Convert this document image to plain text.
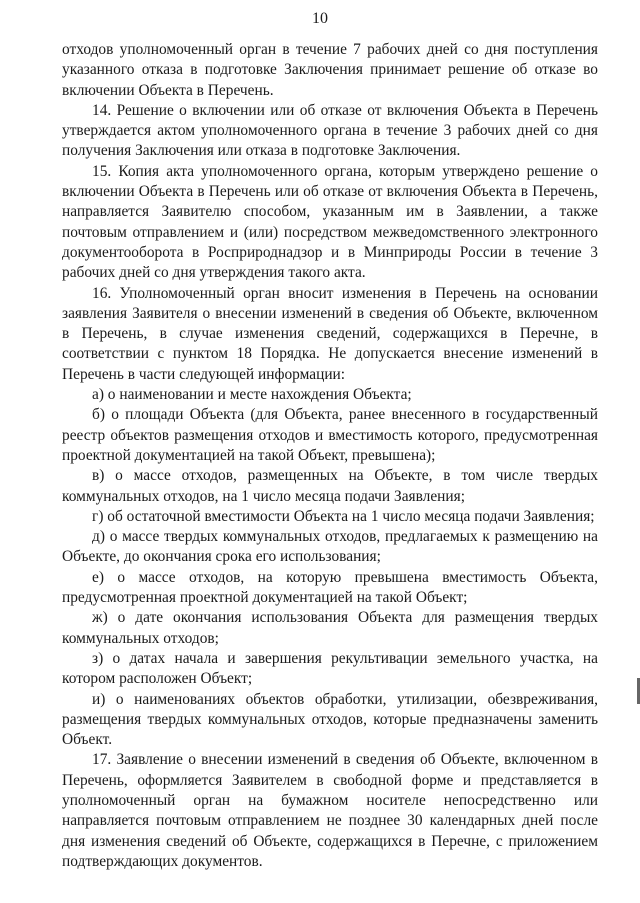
10

отходов уполномоченный орган в течение 7 рабочих дней со дня поступления указанного отказа в подготовке Заключения принимает решение об отказе во включении Объекта в Перечень.

14. Решение о включении или об отказе от включения Объекта в Перечень утверждается актом уполномоченного органа в течение 3 рабочих дней со дня получения Заключения или отказа в подготовке Заключения.

15. Копия акта уполномоченного органа, которым утверждено решение о включении Объекта в Перечень или об отказе от включения Объекта в Перечень, направляется Заявителю способом, указанным им в Заявлении, а также почтовым отправлением и (или) посредством межведомственного электронного документооборота в Росприроднадзор и в Минприроды России в течение 3 рабочих дней со дня утверждения такого акта.

16. Уполномоченный орган вносит изменения в Перечень на основании заявления Заявителя о внесении изменений в сведения об Объекте, включенном в Перечень, в случае изменения сведений, содержащихся в Перечне, в соответствии с пунктом 18 Порядка. Не допускается внесение изменений в Перечень в части следующей информации:

а) о наименовании и месте нахождения Объекта;

б) о площади Объекта (для Объекта, ранее внесенного в государственный реестр объектов размещения отходов и вместимость которого, предусмотренная проектной документацией на такой Объект, превышена);

в) о массе отходов, размещенных на Объекте, в том числе твердых коммунальных отходов, на 1 число месяца подачи Заявления;

г) об остаточной вместимости Объекта на 1 число месяца подачи Заявления;

д) о массе твердых коммунальных отходов, предлагаемых к размещению на Объекте, до окончания срока его использования;

е) о массе отходов, на которую превышена вместимость Объекта, предусмотренная проектной документацией на такой Объект;

ж) о дате окончания использования Объекта для размещения твердых коммунальных отходов;

з) о датах начала и завершения рекультивации земельного участка, на котором расположен Объект;

и) о наименованиях объектов обработки, утилизации, обезвреживания, размещения твердых коммунальных отходов, которые предназначены заменить Объект.

17. Заявление о внесении изменений в сведения об Объекте, включенном в Перечень, оформляется Заявителем в свободной форме и представляется в уполномоченный орган на бумажном носителе непосредственно или направляется почтовым отправлением не позднее 30 календарных дней после дня изменения сведений об Объекте, содержащихся в Перечне, с приложением подтверждающих документов.
